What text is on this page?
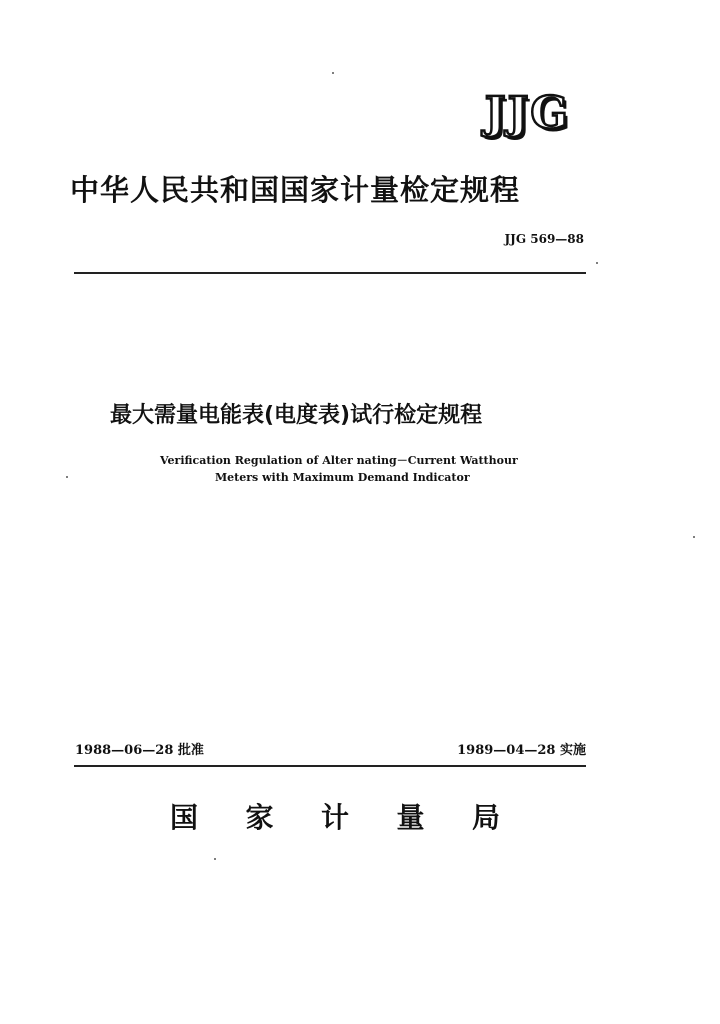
JJG
中华人民共和国国家计量检定规程
JJG 569—88
最大需量电能表(电度表)试行检定规程
Verification Regulation of Alter nating－Current Watthour
Meters with Maximum Demand Indicator
1988—06—28 批准	1989—04—28 实施
国 家 计 量 局
